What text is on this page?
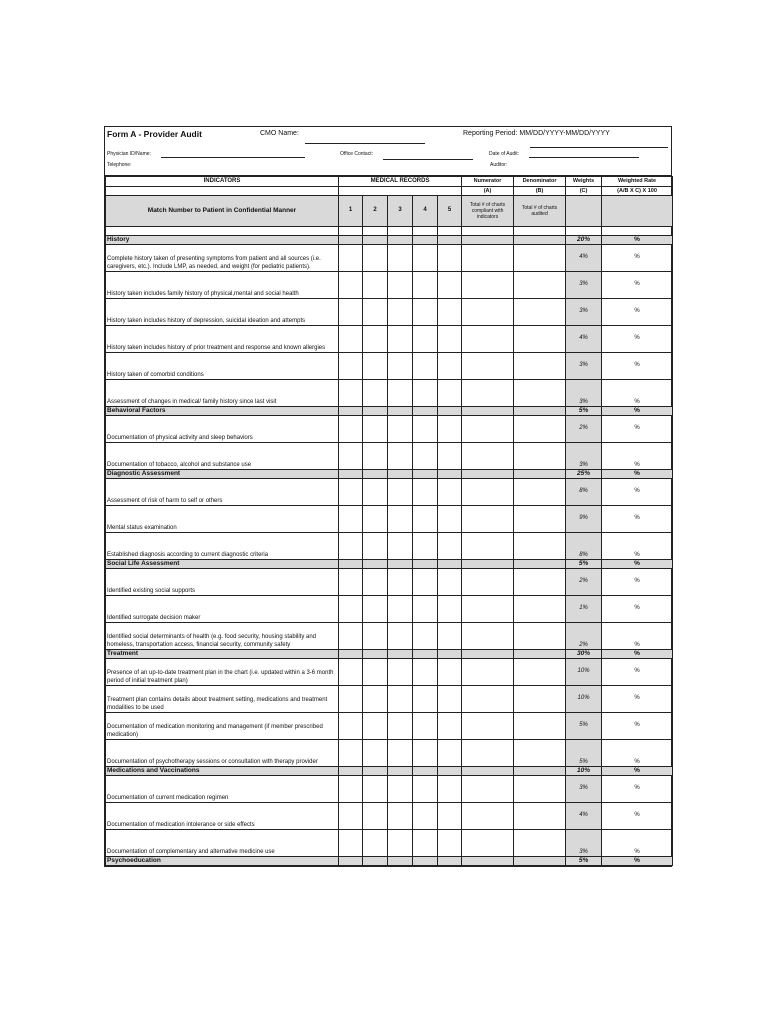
Form A - Provider Audit	CMO Name:	Reporting Period: MM/DD/YYYY-MM/DD/YYYY
Physician ID/Name:
Telephone:
Office Contact:	Date of Audit:
Auditor:
INDICATORS	MEDICAL RECORDS					Numerator	Denominator	Weights	Weighted Rate
						(A)	(B)	(C)	(A/B X C) X 100
Match Number to Patient in Confidential Manner	1	2	3	4	5	Total # of charts compliant with indicators	Total # of charts audited		

History								20%	%
Complete history taken of presenting symptoms from patient and all sources (i.e. caregivers, etc.). Include LMP, as needed, and weight (for pediatric patients).								4%	%
History taken includes family history of physical,mental and social health								3%	%
History taken includes history of depression, suicidal ideation and attempts								3%	%
History taken includes history of prior treatment and response and known allergies								4%	%
History taken of comorbid conditions								3%	%
Assessment of changes in medical/ family history since last visit								3%	%
Behavioral Factors								5%	%
Documentation of physical activity and sleep behaviors								2%	%
Documentation of tobacco, alcohol and substance use								3%	%
Diagnostic Assessment								25%	%
Assessment of risk of harm to self or others								8%	%
Mental status examination								9%	%
Established diagnosis according to current diagnostic criteria								8%	%
Social Life Assessment								5%	%
Identified existing social supports								2%	%
Identified surrogate decision maker								1%	%
Identified social determinants of health (e.g. food security, housing stability and homeless, transportation access, financial security, community safety								2%	%
Treatment								30%	%
Presence of an up-to-date treatment plan in the chart (i.e. updated within a 3-6 month period of initial treatment plan)								10%	%
Treatment plan contains details about treatment setting, medications and treatment modalities to be used								10%	%
Documentation of medication monitoring and management (if member prescribed medication)								5%	%
Documentation of psychotherapy sessions or consultation with therapy provider								5%	%
Medications and Vaccinations								10%	%
Documentation of current medication regimen								3%	%
Documentation of medication intolerance or side effects								4%	%
Documentation of complementary and alternative medicine use								3%	%
Psychoeducation								5%	%
